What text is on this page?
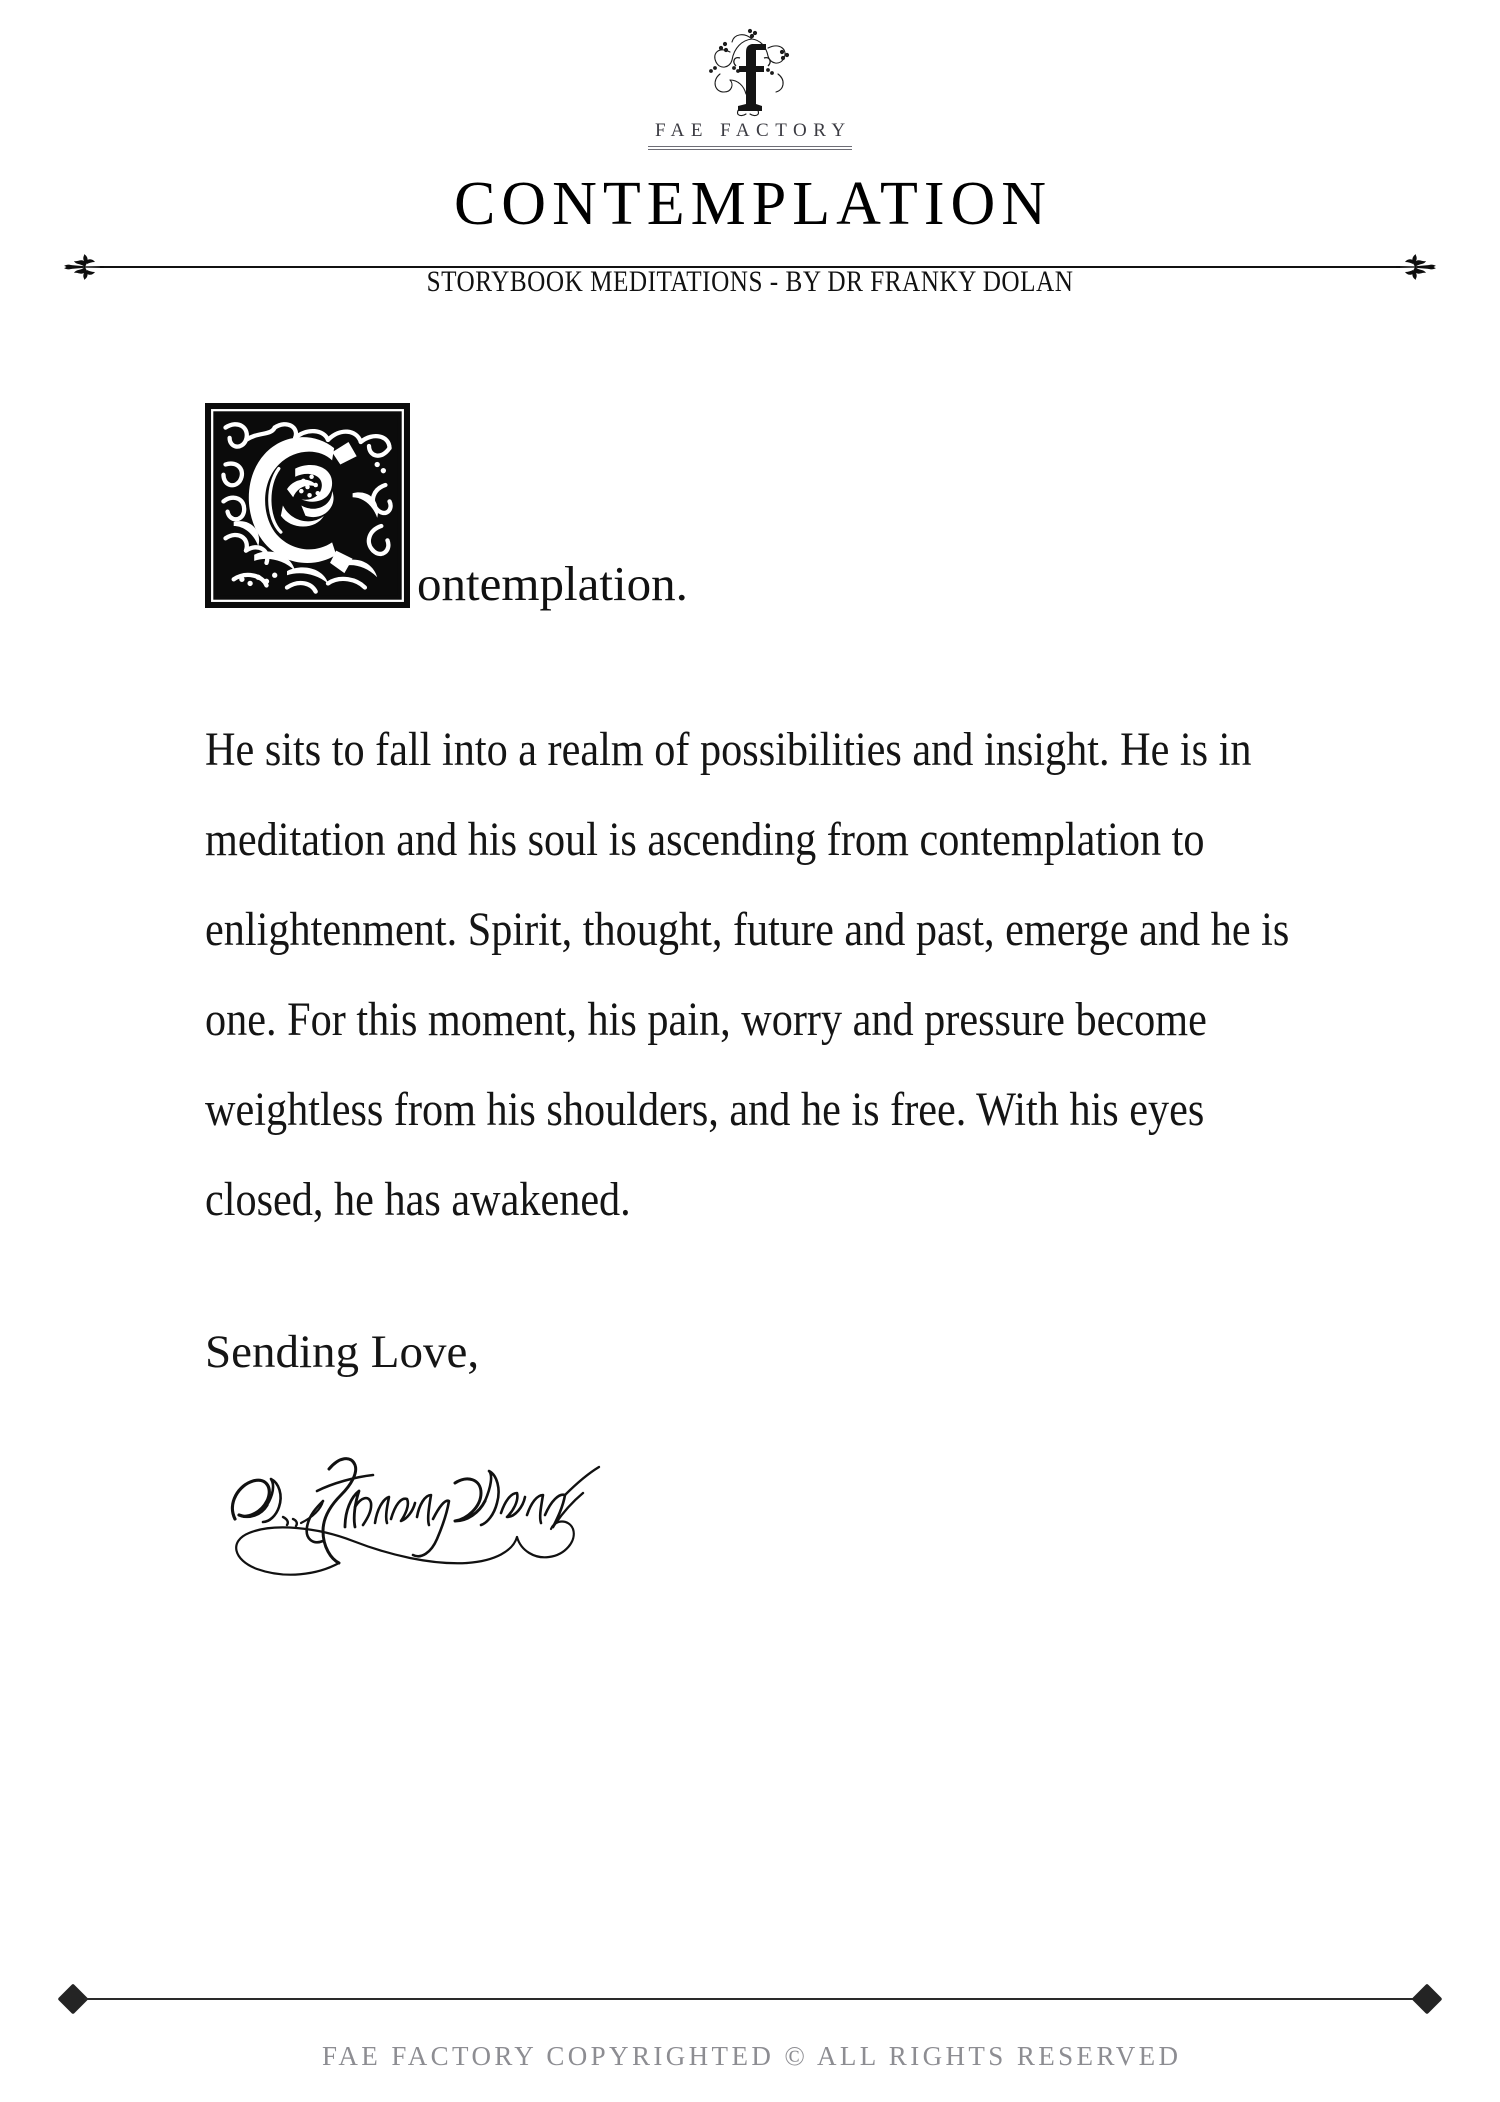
FAE FACTORY
CONTEMPLATION
STORYBOOK MEDITATIONS - BY DR FRANKY DOLAN
ontemplation.

He sits to fall into a realm of possibilities and insight. He is in meditation and his soul is ascending from contemplation to enlightenment. Spirit, thought, future and past, emerge and he is one. For this moment, his pain, worry and pressure become weightless from his shoulders, and he is free. With his eyes closed, he has awakened.

Sending Love,

FAE FACTORY COPYRIGHTED © ALL RIGHTS RESERVED
